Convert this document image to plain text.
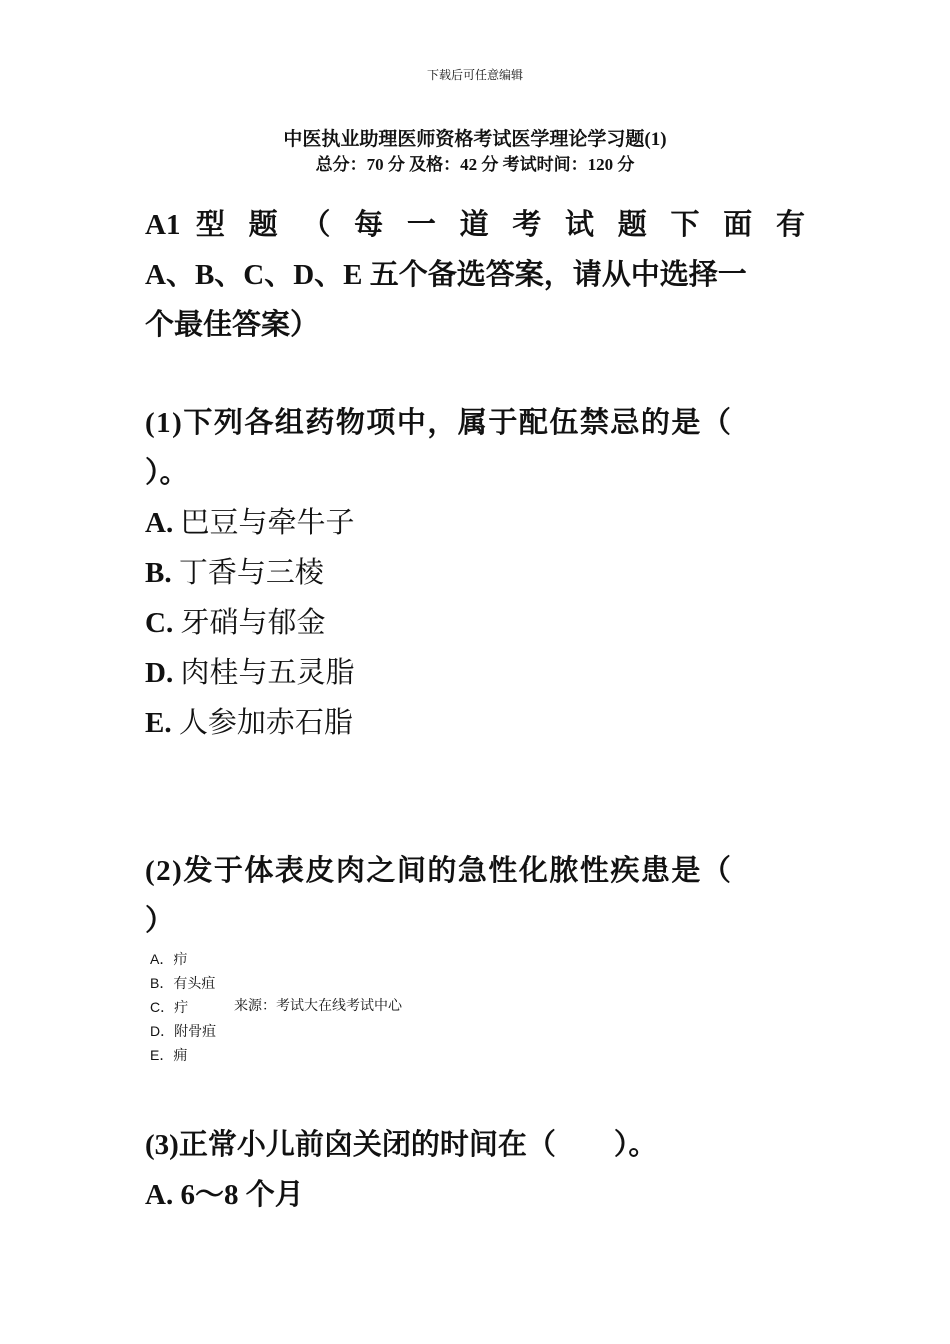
下载后可任意编辑
中医执业助理医师资格考试医学理论学习题(1)
总分：70 分 及格：42 分 考试时间：120 分
A1 型 题 （ 每 一 道 考 试 题 下 面 有
A、B、C、D、E 五个备选答案，请从中选择一
个最佳答案）
(1)下列各组药物项中，属于配伍禁忌的是（
）。
A. 巴豆与牵牛子
B. 丁香与三棱
C. 牙硝与郁金
D. 肉桂与五灵脂
E. 人参加赤石脂
(2)发于体表皮肉之间的急性化脓性疾患是（
）
A．疖
B．有头疽
C．疔	来源：考试大在线考试中心
D．附骨疽
E．痈
(3)正常小儿前囟关闭的时间在（　　）。
A. 6～8 个月
